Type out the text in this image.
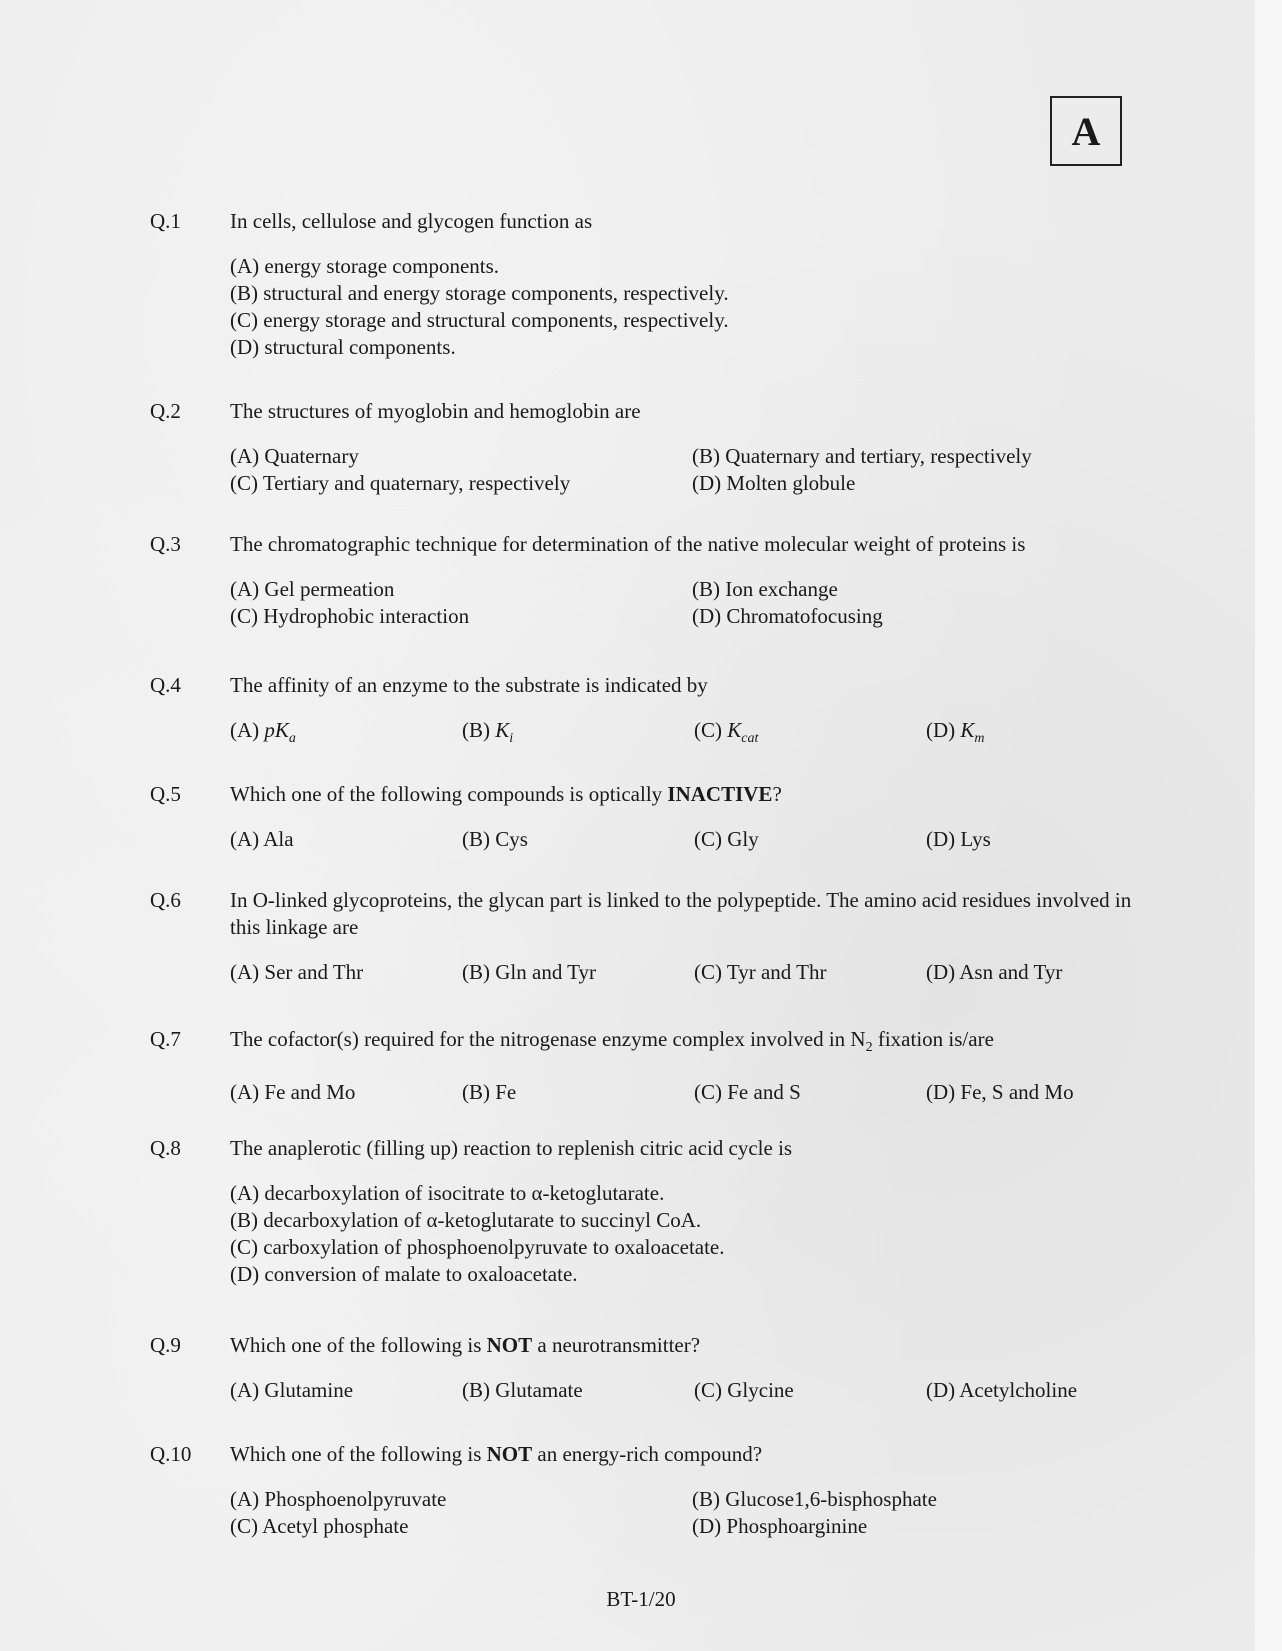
A
Q.1 In cells, cellulose and glycogen function as
(A) energy storage components.
(B) structural and energy storage components, respectively.
(C) energy storage and structural components, respectively.
(D) structural components.
Q.2 The structures of myoglobin and hemoglobin are
(A) Quaternary	(B) Quaternary and tertiary, respectively
(C) Tertiary and quaternary, respectively	(D) Molten globule
Q.3 The chromatographic technique for determination of the native molecular weight of proteins is
(A) Gel permeation	(B) Ion exchange
(C) Hydrophobic interaction	(D) Chromatofocusing
Q.4 The affinity of an enzyme to the substrate is indicated by
(A) $pK_a$	(B) $K_i$	(C) $K_{cat}$	(D) $K_m$
Q.5 Which one of the following compounds is optically INACTIVE?
(A) Ala	(B) Cys	(C) Gly	(D) Lys
Q.6 In O-linked glycoproteins, the glycan part is linked to the polypeptide. The amino acid residues involved in this linkage are
(A) Ser and Thr	(B) Gln and Tyr	(C) Tyr and Thr	(D) Asn and Tyr
Q.7 The cofactor(s) required for the nitrogenase enzyme complex involved in $N_2$ fixation is/are
(A) Fe and Mo	(B) Fe	(C) Fe and S	(D) Fe, S and Mo
Q.8 The anaplerotic (filling up) reaction to replenish citric acid cycle is
(A) decarboxylation of isocitrate to α-ketoglutarate.
(B) decarboxylation of α-ketoglutarate to succinyl CoA.
(C) carboxylation of phosphoenolpyruvate to oxaloacetate.
(D) conversion of malate to oxaloacetate.
Q.9 Which one of the following is NOT a neurotransmitter?
(A) Glutamine	(B) Glutamate	(C) Glycine	(D) Acetylcholine
Q.10 Which one of the following is NOT an energy-rich compound?
(A) Phosphoenolpyruvate	(B) Glucose1,6-bisphosphate
(C) Acetyl phosphate	(D) Phosphoarginine
BT-1/20
